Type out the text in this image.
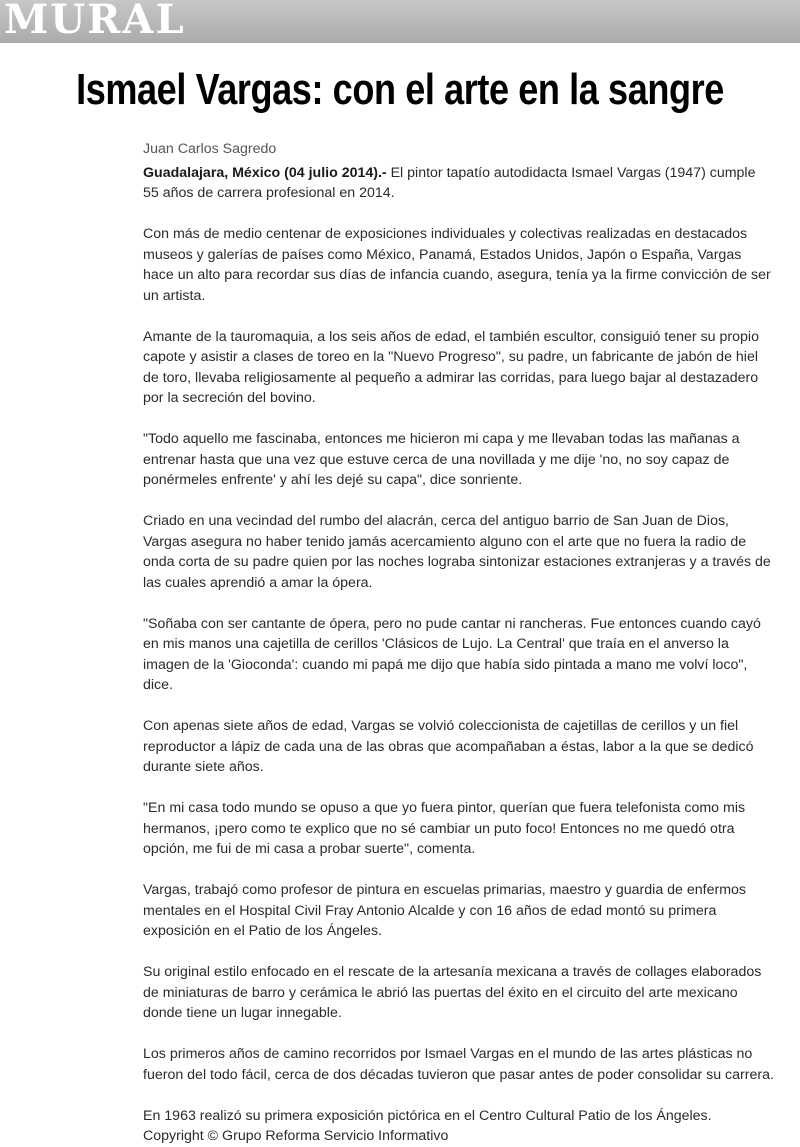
MURAL
Ismael Vargas: con el arte en la sangre
Juan Carlos Sagredo

Guadalajara, México (04 julio 2014).- El pintor tapatío autodidacta Ismael Vargas (1947) cumple 55 años de carrera profesional en 2014.

Con más de medio centenar de exposiciones individuales y colectivas realizadas en destacados museos y galerías de países como México, Panamá, Estados Unidos, Japón o España, Vargas hace un alto para recordar sus días de infancia cuando, asegura, tenía ya la firme convicción de ser un artista.

Amante de la tauromaquia, a los seis años de edad, el también escultor, consiguió tener su propio capote y asistir a clases de toreo en la "Nuevo Progreso", su padre, un fabricante de jabón de hiel de toro, llevaba religiosamente al pequeño a admirar las corridas, para luego bajar al destazadero por la secreción del bovino.

"Todo aquello me fascinaba, entonces me hicieron mi capa y me llevaban todas las mañanas a entrenar hasta que una vez que estuve cerca de una novillada y me dije 'no, no soy capaz de ponérmeles enfrente' y ahí les dejé su capa", dice sonriente.

Criado en una vecindad del rumbo del alacrán, cerca del antiguo barrio de San Juan de Dios, Vargas asegura no haber tenido jamás acercamiento alguno con el arte que no fuera la radio de onda corta de su padre quien por las noches lograba sintonizar estaciones extranjeras y a través de las cuales aprendió a amar la ópera.

"Soñaba con ser cantante de ópera, pero no pude cantar ni rancheras. Fue entonces cuando cayó en mis manos una cajetilla de cerillos 'Clásicos de Lujo. La Central' que traía en el anverso la imagen de la 'Gioconda': cuando mi papá me dijo que había sido pintada a mano me volví loco", dice.

Con apenas siete años de edad, Vargas se volvió coleccionista de cajetillas de cerillos y un fiel reproductor a lápiz de cada una de las obras que acompañaban a éstas, labor a la que se dedicó durante siete años.

"En mi casa todo mundo se opuso a que yo fuera pintor, querían que fuera telefonista como mis hermanos, ¡pero como te explico que no sé cambiar un puto foco! Entonces no me quedó otra opción, me fui de mi casa a probar suerte", comenta.

Vargas, trabajó como profesor de pintura en escuelas primarias, maestro y guardia de enfermos mentales en el Hospital Civil Fray Antonio Alcalde y con 16 años de edad montó su primera exposición en el Patio de los Ángeles.

Su original estilo enfocado en el rescate de la artesanía mexicana a través de collages elaborados de miniaturas de barro y cerámica le abrió las puertas del éxito en el circuito del arte mexicano donde tiene un lugar innegable.

Los primeros años de camino recorridos por Ismael Vargas en el mundo de las artes plásticas no fueron del todo fácil, cerca de dos décadas tuvieron que pasar antes de poder consolidar su carrera.

En 1963 realizó su primera exposición pictórica en el Centro Cultural Patio de los Ángeles.

Copyright © Grupo Reforma Servicio Informativo
